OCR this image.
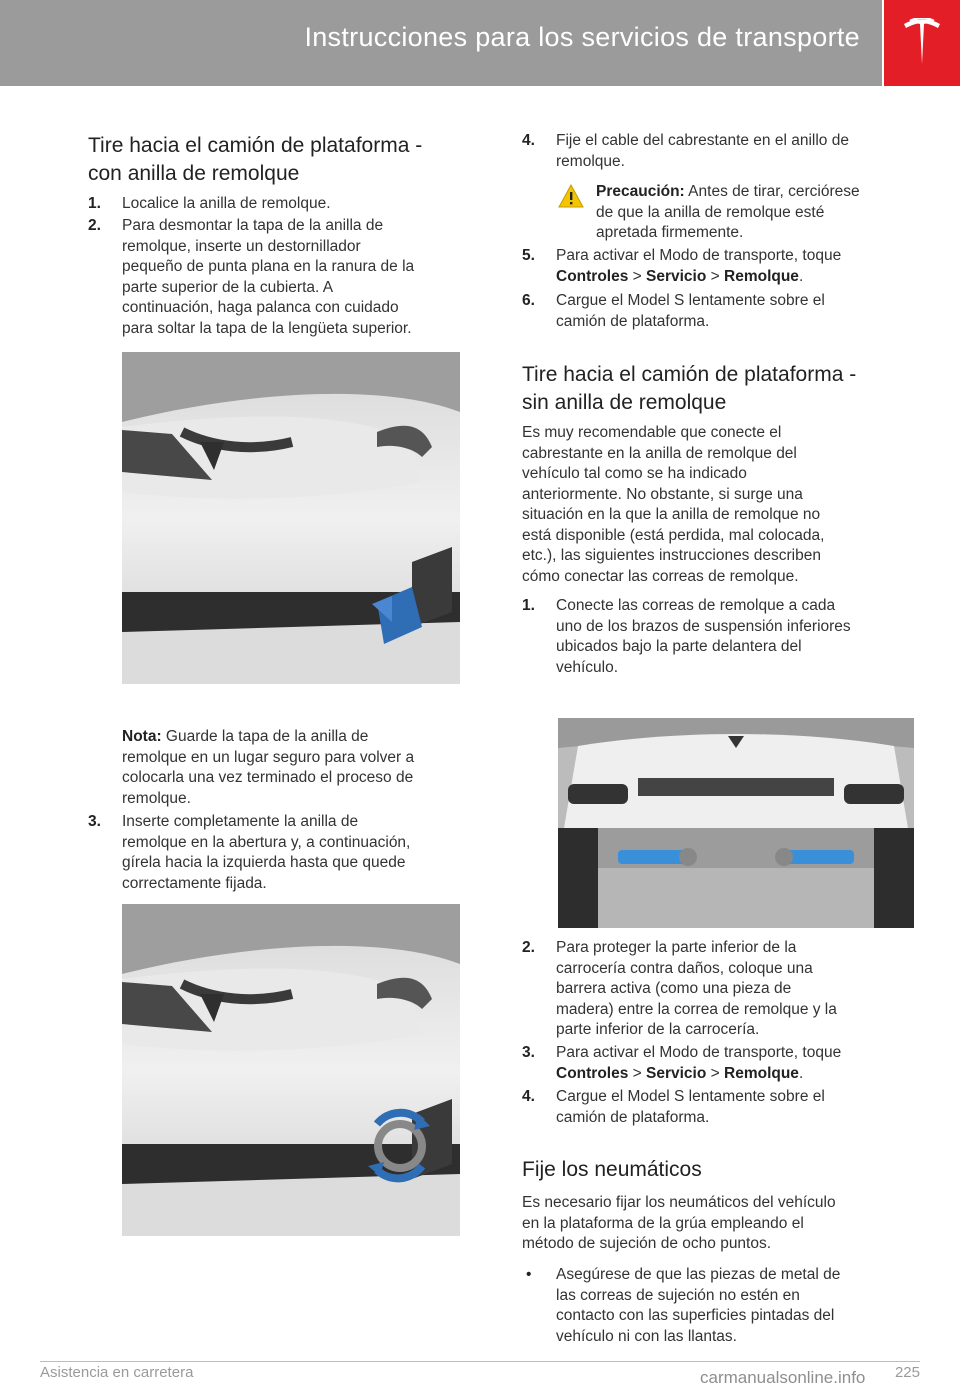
Instrucciones para los servicios de transporte
Tire hacia el camión de plataforma -
con anilla de remolque
1. Localice la anilla de remolque.
2. Para desmontar la tapa de la anilla de
remolque, inserte un destornillador
pequeño de punta plana en la ranura de la
parte superior de la cubierta. A
continuación, haga palanca con cuidado
para soltar la tapa de la lengüeta superior.
Nota: Guarde la tapa de la anilla de
remolque en un lugar seguro para volver a
colocarla una vez terminado el proceso de
remolque.
3. Inserte completamente la anilla de
remolque en la abertura y, a continuación,
gírela hacia la izquierda hasta que quede
correctamente fijada.
4. Fije el cable del cabrestante en el anillo de
remolque.
Precaución: Antes de tirar, cerciórese
de que la anilla de remolque esté
apretada firmemente.
5. Para activar el Modo de transporte, toque
Controles > Servicio > Remolque.
6. Cargue el Model S lentamente sobre el
camión de plataforma.
Tire hacia el camión de plataforma -
sin anilla de remolque

Es muy recomendable que conecte el
cabrestante en la anilla de remolque del
vehículo tal como se ha indicado
anteriormente. No obstante, si surge una
situación en la que la anilla de remolque no
está disponible (está perdida, mal colocada,
etc.), las siguientes instrucciones describen
cómo conectar las correas de remolque.

1. Conecte las correas de remolque a cada
uno de los brazos de suspensión inferiores
ubicados bajo la parte delantera del
vehículo.
2. Para proteger la parte inferior de la
carrocería contra daños, coloque una
barrera activa (como una pieza de
madera) entre la correa de remolque y la
parte inferior de la carrocería.
3. Para activar el Modo de transporte, toque
Controles > Servicio > Remolque.
4. Cargue el Model S lentamente sobre el
camión de plataforma.
Fije los neumáticos

Es necesario fijar los neumáticos del vehículo
en la plataforma de la grúa empleando el
método de sujeción de ocho puntos.

• Asegúrese de que las piezas de metal de
las correas de sujeción no estén en
contacto con las superficies pintadas del
vehículo ni con las llantas.
Asistencia en carretera	225
carmanualsonline.info
